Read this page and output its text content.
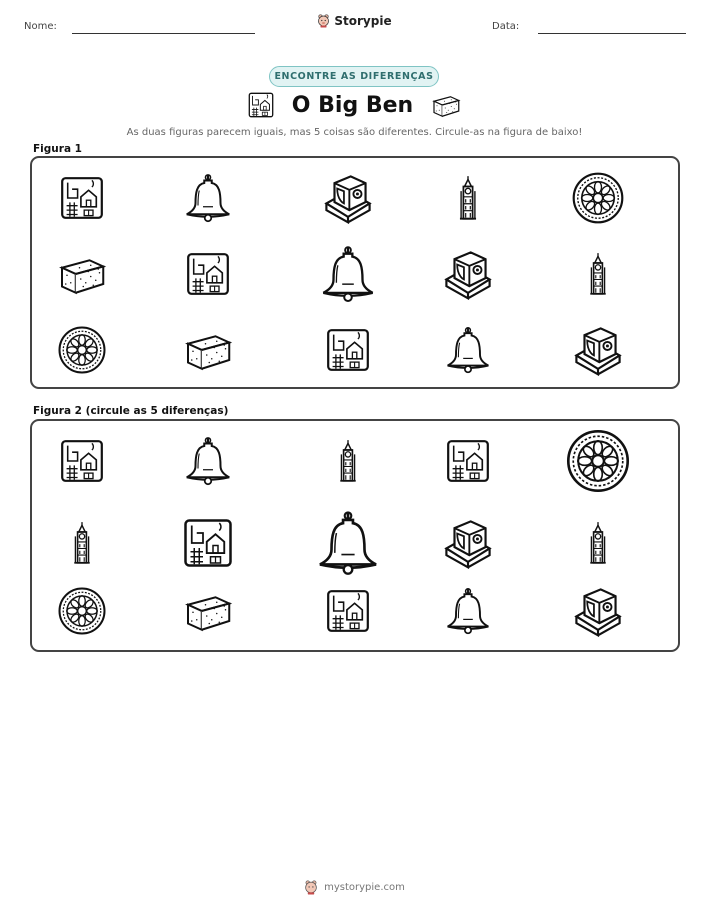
Nome:	Data:
Storypie
ENCONTRE AS DIFERENÇAS
O Big Ben
As duas figuras parecem iguais, mas 5 coisas são diferentes. Circule-as na figura de baixo!
Figura 1
Figura 2 (circule as 5 diferenças)
mystorypie.com
